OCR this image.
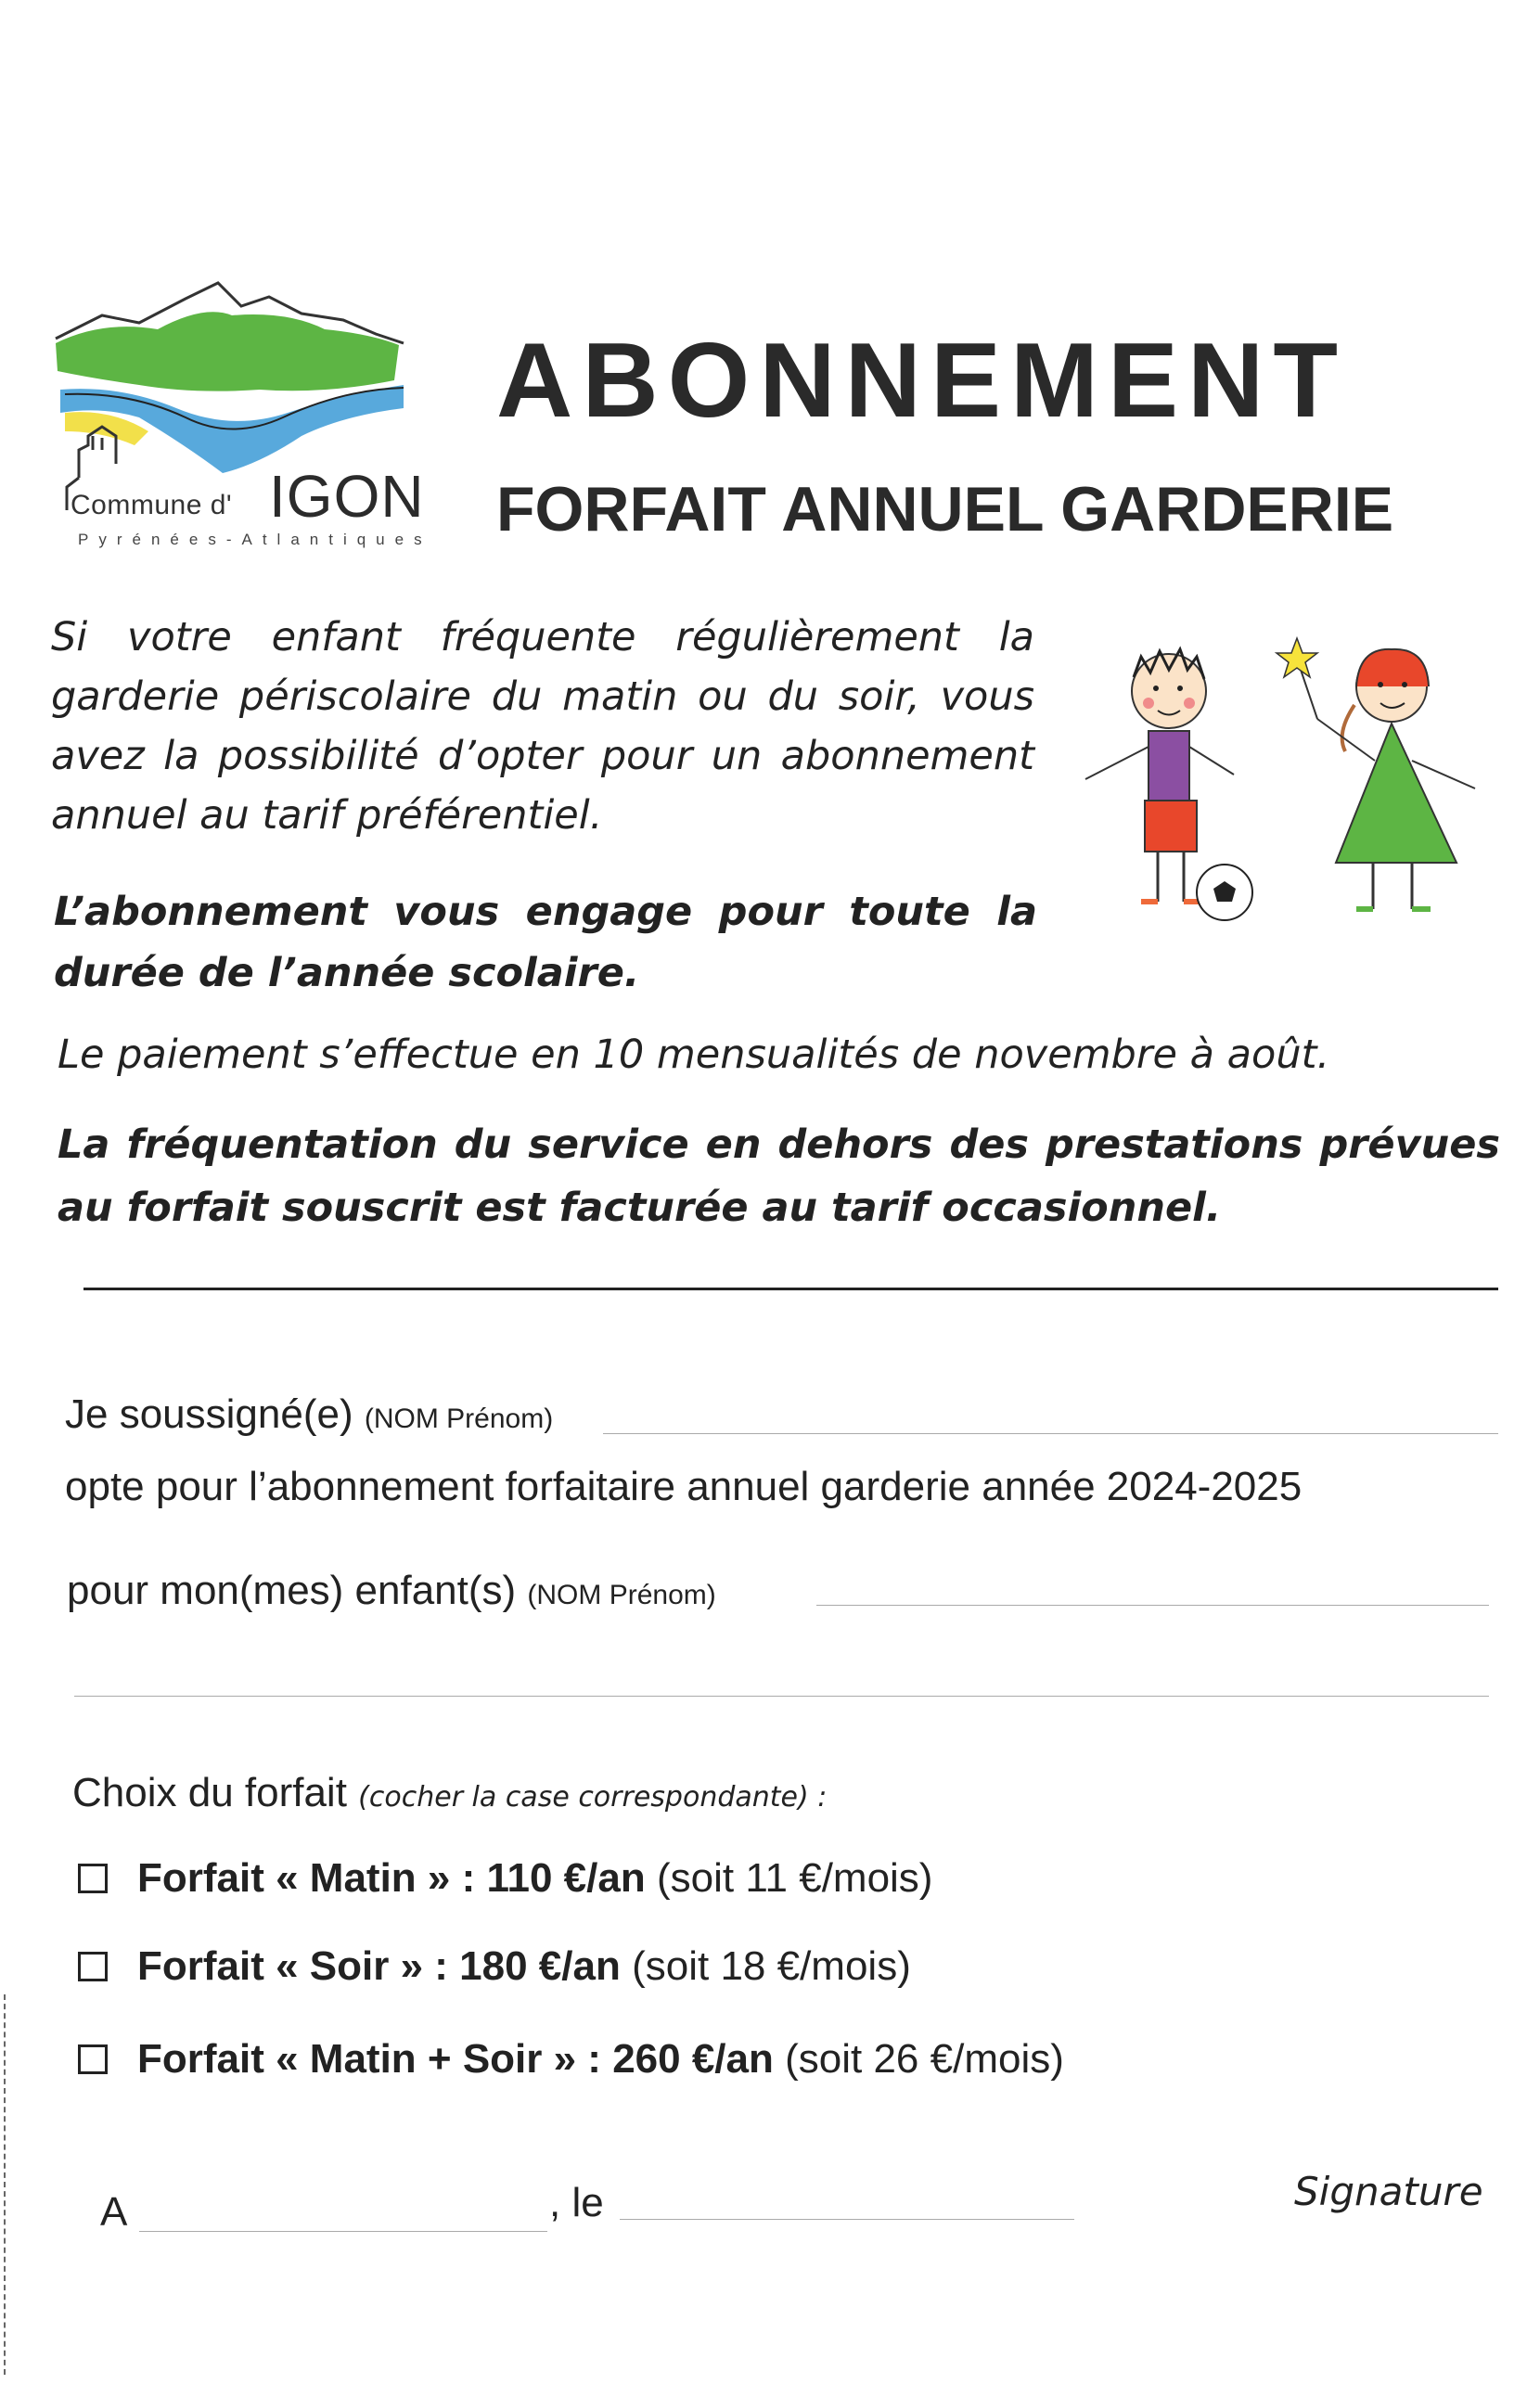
Commune d' IGON
Pyrénées-Atlantiques
ABONNEMENT
FORFAIT ANNUEL GARDERIE
Si votre enfant fréquente régulièrement la garderie périscolaire du matin ou du soir, vous avez la possibilité d’opter pour un abonnement annuel au tarif préférentiel.
L’abonnement vous engage pour toute la durée de l’année scolaire.
Le paiement s’effectue en 10 mensualités de novembre à août.
La fréquentation du service en dehors des prestations prévues au forfait souscrit est facturée au tarif occasionnel.
Je soussigné(e) (NOM Prénom)
opte pour l’abonnement forfaitaire annuel garderie année 2024-2025
pour mon(mes) enfant(s) (NOM Prénom)
Choix du forfait (cocher la case correspondante) :
Forfait « Matin » : 110 €/an
(soit 11 €/mois)
Forfait « Soir » : 180 €/an
(soit 18 €/mois)
Forfait « Matin + Soir » : 260 €/an
(soit 26 €/mois)
A	, le	Signature
